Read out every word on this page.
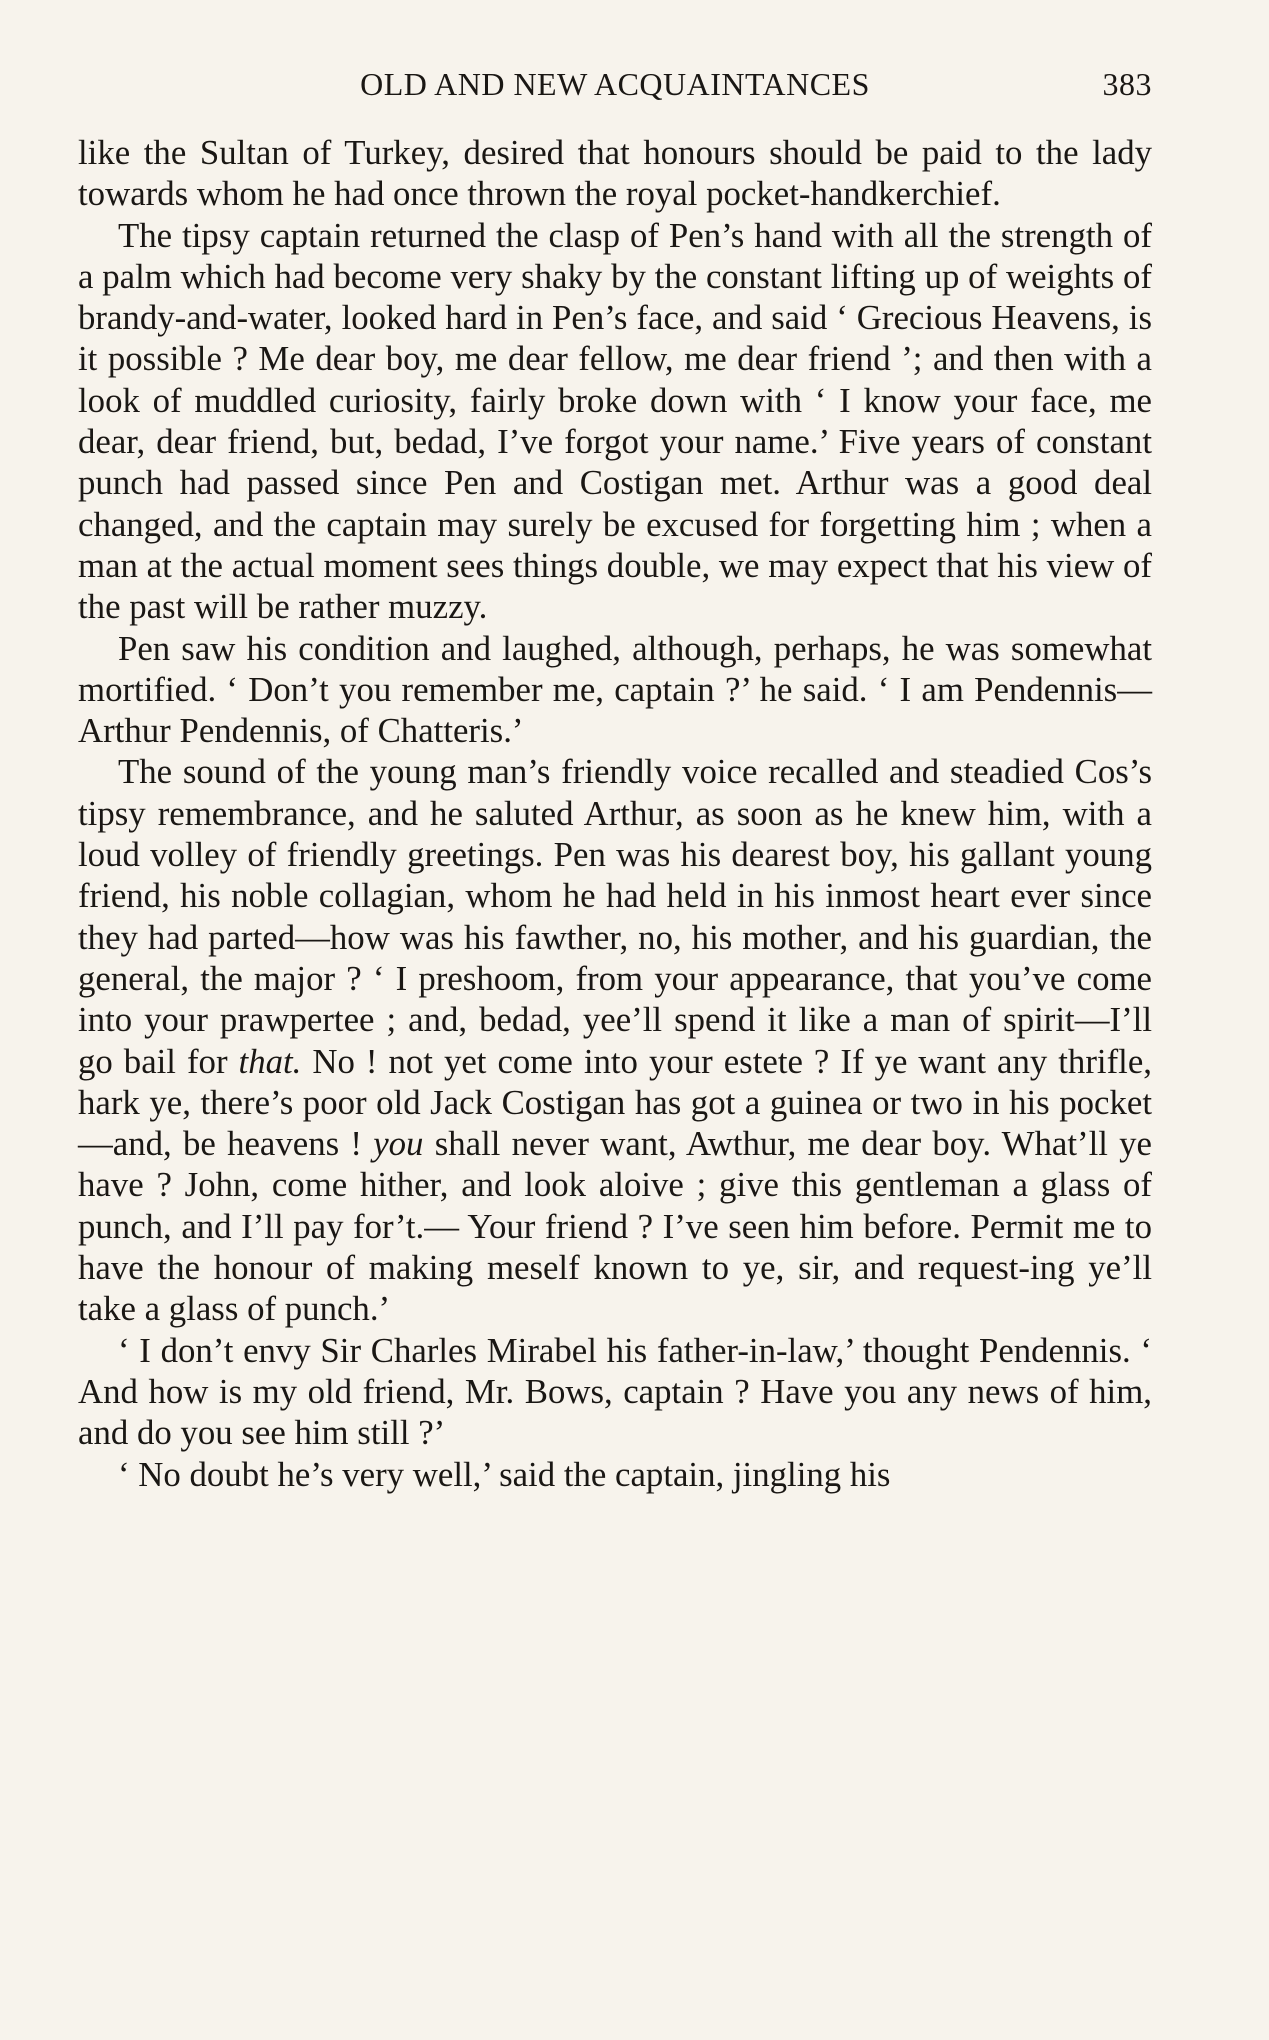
OLD AND NEW ACQUAINTANCES	383

like the Sultan of Turkey, desired that honours should be paid to the lady towards whom he had once thrown the royal pocket-handkerchief.

The tipsy captain returned the clasp of Pen’s hand with all the strength of a palm which had become very shaky by the constant lifting up of weights of brandy-and-water, looked hard in Pen’s face, and said ‘ Grecious Heavens, is it possible ? Me dear boy, me dear fellow, me dear friend ’; and then with a look of muddled curiosity, fairly broke down with ‘ I know your face, me dear, dear friend, but, bedad, I’ve forgot your name.’ Five years of constant punch had passed since Pen and Costigan met. Arthur was a good deal changed, and the captain may surely be excused for forgetting him ; when a man at the actual moment sees things double, we may expect that his view of the past will be rather muzzy.

Pen saw his condition and laughed, although, perhaps, he was somewhat mortified. ‘ Don’t you remember me, captain ?’ he said. ‘ I am Pendennis—Arthur Pendennis, of Chatteris.’

The sound of the young man’s friendly voice recalled and steadied Cos’s tipsy remembrance, and he saluted Arthur, as soon as he knew him, with a loud volley of friendly greetings. Pen was his dearest boy, his gallant young friend, his noble collagian, whom he had held in his inmost heart ever since they had parted—how was his fawther, no, his mother, and his guardian, the general, the major ? ‘ I preshoom, from your appearance, that you’ve come into your prawpertee ; and, bedad, yee’ll spend it like a man of spirit—I’ll go bail for that. No ! not yet come into your estete ? If ye want any thrifle, hark ye, there’s poor old Jack Costigan has got a guinea or two in his pocket—and, be heavens ! you shall never want, Awthur, me dear boy. What’ll ye have ? John, come hither, and look aloive ; give this gentleman a glass of punch, and I’ll pay for’t.— Your friend ? I’ve seen him before. Permit me to have the honour of making meself known to ye, sir, and request-ing ye’ll take a glass of punch.’

‘ I don’t envy Sir Charles Mirabel his father-in-law,’ thought Pendennis. ‘ And how is my old friend, Mr. Bows, captain ? Have you any news of him, and do you see him still ?’

‘ No doubt he’s very well,’ said the captain, jingling his
